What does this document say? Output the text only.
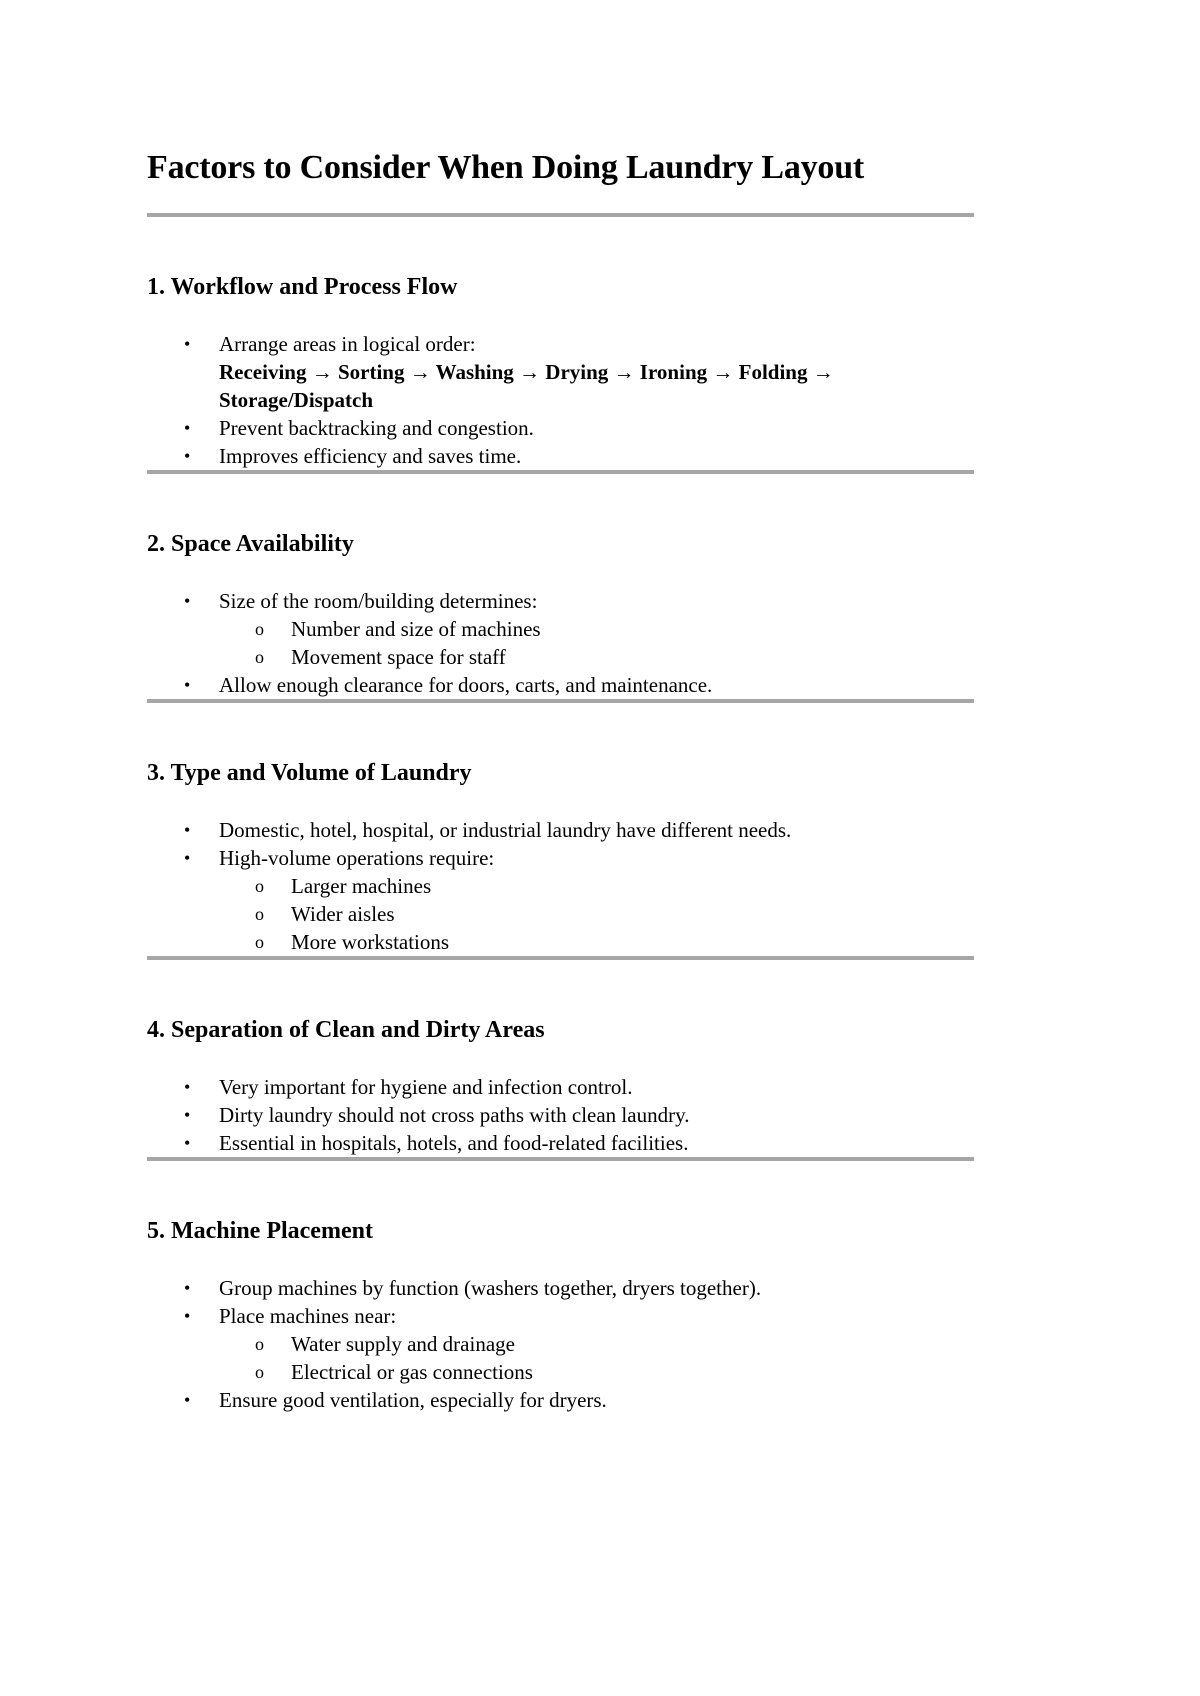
Factors to Consider When Doing Laundry Layout
1. Workflow and Process Flow
• Arrange areas in logical order:
Receiving → Sorting → Washing → Drying → Ironing → Folding →
Storage/Dispatch
• Prevent backtracking and congestion.
• Improves efficiency and saves time.
2. Space Availability
• Size of the room/building determines:
o Number and size of machines
o Movement space for staff
• Allow enough clearance for doors, carts, and maintenance.
3. Type and Volume of Laundry
• Domestic, hotel, hospital, or industrial laundry have different needs.
• High-volume operations require:
o Larger machines
o Wider aisles
o More workstations
4. Separation of Clean and Dirty Areas
• Very important for hygiene and infection control.
• Dirty laundry should not cross paths with clean laundry.
• Essential in hospitals, hotels, and food-related facilities.
5. Machine Placement
• Group machines by function (washers together, dryers together).
• Place machines near:
o Water supply and drainage
o Electrical or gas connections
• Ensure good ventilation, especially for dryers.
